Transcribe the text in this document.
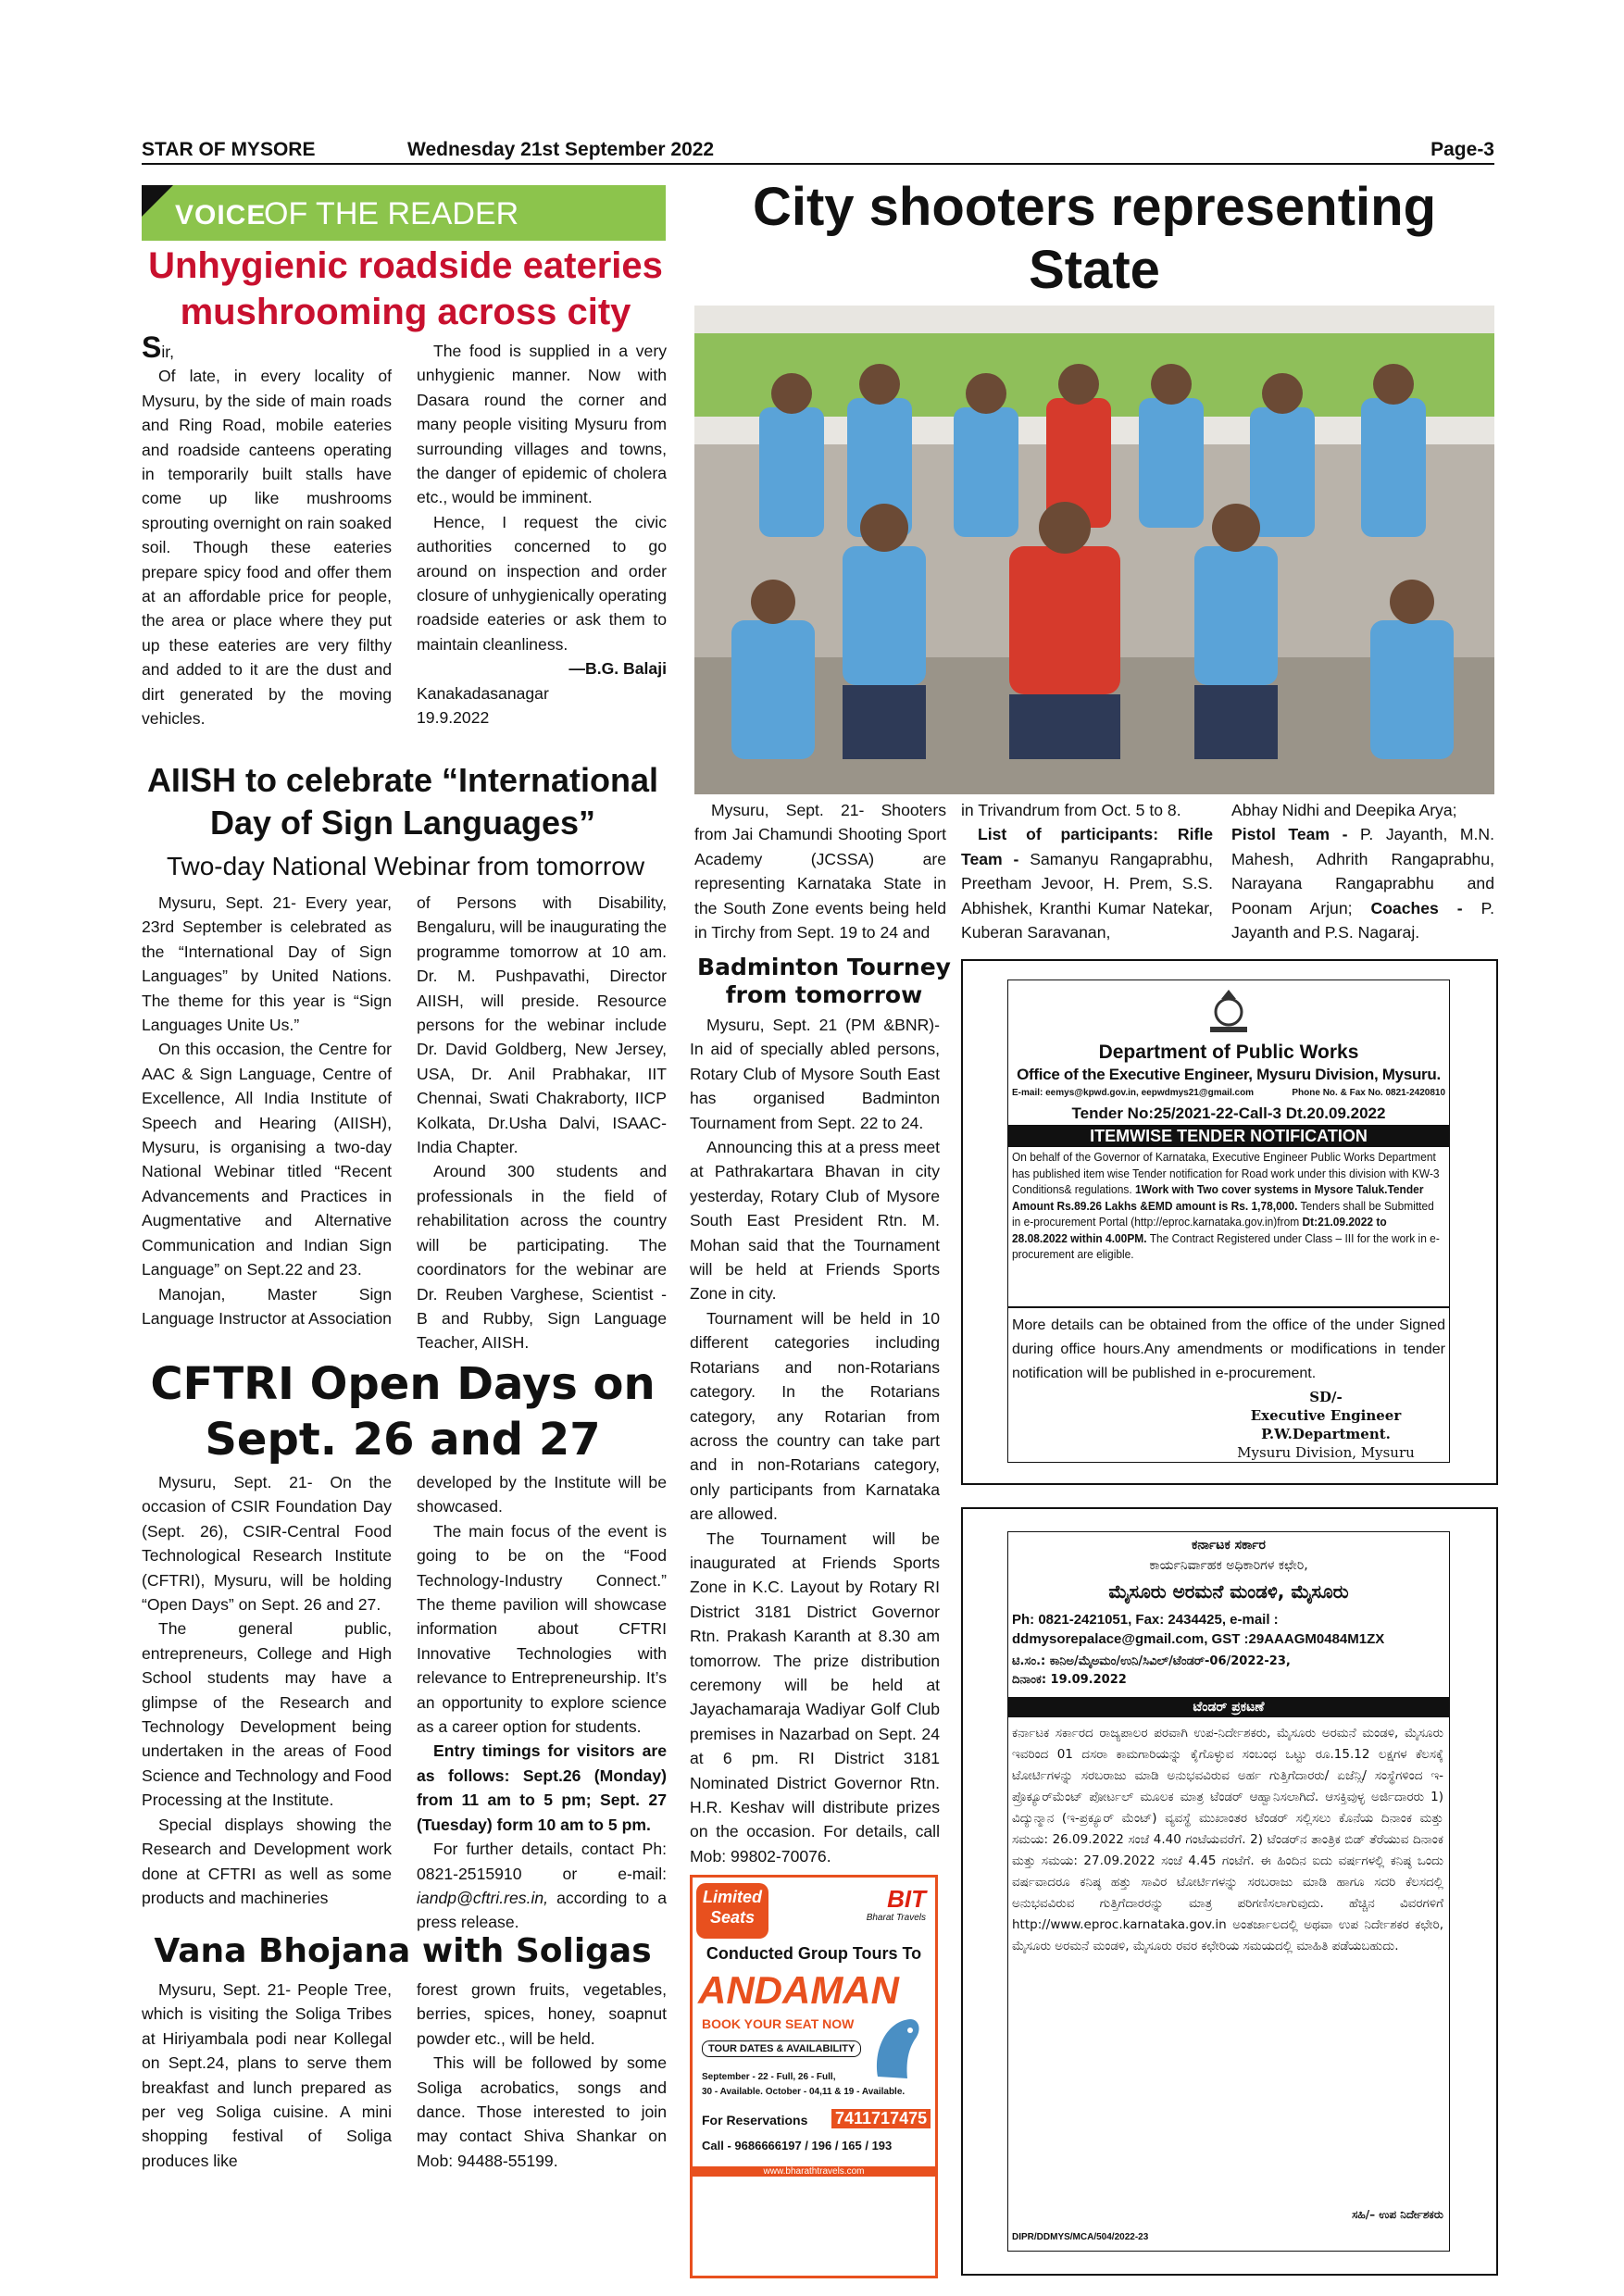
STAR OF MYSORE	Wednesday 21st September 2022	Page-3
VOICE
OF THE READER
Unhygienic roadside eateries
mushrooming across city

Sir,

Of late, in every locality of Mysuru, by the side of main roads and Ring Road, mobile eateries and roadside canteens operating in temporarily built stalls have come up like mushrooms sprouting overnight on rain soaked soil. Though these eateries prepare spicy food and offer them at an affordable price for people, the area or place where they put up these eateries are very filthy and added to it are the dust and dirt generated by the moving vehicles.

The food is supplied in a very unhygienic manner. Now with Dasara round the corner and many people visiting Mysuru from surrounding villages and towns, the danger of epidemic of cholera etc., would be imminent.

Hence, I request the civic authorities concerned to go around on inspection and order closure of unhygienically operating roadside eateries or ask them to maintain cleanliness.

—B.G. Balaji
Kanakadasanagar
19.9.2022
City shooters representing State

Mysuru, Sept. 21- Shooters from Jai Chamundi Shooting Sport Academy (JCSSA) are representing Karnataka State in the South Zone events being held in Tirchy from Sept. 19 to 24 and

in Trivandrum from Oct. 5 to 8.

List of participants: Rifle Team - Samanyu Rangaprabhu, Preetham Jevoor, H. Prem, S.S. Abhishek, Kranthi Kumar Natekar, Kuberan Saravanan,

Abhay Nidhi and Deepika Arya;

Pistol Team - P. Jayanth, M.N. Mahesh, Adhrith Rangaprabhu, Narayana Rangaprabhu and Poonam Arjun; Coaches - P. Jayanth and P.S. Nagaraj.

AIISH to celebrate “International
Day of Sign Languages”
Two-day National Webinar from tomorrow

Mysuru, Sept. 21- Every year, 23rd September is celebrated as the “International Day of Sign Languages” by United Nations. The theme for this year is “Sign Languages Unite Us.”

On this occasion, the Centre for AAC & Sign Language, Centre of Excellence, All India Institute of Speech and Hearing (AIISH), Mysuru, is organising a two-day National Webinar titled “Recent Advancements and Practices in Augmentative and Alternative Communication and Indian Sign Language” on Sept.22 and 23.

Manojan, Master Sign Language Instructor at Association

of Persons with Disability, Bengaluru, will be inaugurating the programme tomorrow at 10 am. Dr. M. Pushpavathi, Director AIISH, will preside. Resource persons for the webinar include Dr. David Goldberg, New Jersey, USA, Dr. Anil Prabhakar, IIT Chennai, Swati Chakraborty, IICP Kolkata, Dr.Usha Dalvi, ISAAC-India Chapter.

Around 300 students and professionals in the field of rehabilitation across the country will be participating. The coordinators for the webinar are Dr. Reuben Varghese, Scientist - B and Rubby, Sign Language Teacher, AIISH.

CFTRI Open Days on
Sept. 26 and 27

Mysuru, Sept. 21- On the occasion of CSIR Foundation Day (Sept. 26), CSIR-Central Food Technological Research Institute (CFTRI), Mysuru, will be holding “Open Days” on Sept. 26 and 27.

The general public, entrepreneurs, College and High School students may have a glimpse of the Research and Technology Development being undertaken in the areas of Food Science and Technology and Food Processing at the Institute.

Special displays showing the Research and Development work done at CFTRI as well as some products and machineries

developed by the Institute will be showcased.

The main focus of the event is going to be on the “Food Technology-Industry Connect.” The theme pavilion will showcase information about CFTRI Innovative Technologies with relevance to Entrepreneurship. It’s an opportunity to explore science as a career option for students.

Entry timings for visitors are as follows: Sept.26 (Monday) from 11 am to 5 pm; Sept. 27 (Tuesday) form 10 am to 5 pm.

For further details, contact Ph: 0821-2515910 or e-mail: iandp@cftri.res.in, according to a press release.

Vana Bhojana with Soligas

Mysuru, Sept. 21- People Tree, which is visiting the Soliga Tribes at Hiriyambala podi near Kollegal on Sept.24, plans to serve them breakfast and lunch prepared as per veg Soliga cuisine. A mini shopping festival of Soliga produces like

forest grown fruits, vegetables, berries, spices, honey, soapnut powder etc., will be held.

This will be followed by some Soliga acrobatics, songs and dance. Those interested to join may contact Shiva Shankar on Mob: 94488-55199.

Badminton Tourney
from tomorrow

Mysuru, Sept. 21 (PM &BNR)- In aid of specially abled persons, Rotary Club of Mysore South East has organised Badminton Tournament from Sept. 22 to 24.

Announcing this at a press meet at Pathrakartara Bhavan in city yesterday, Rotary Club of Mysore South East President Rtn. M. Mohan said that the Tournament will be held at Friends Sports Zone in city.

Tournament will be held in 10 different categories including Rotarians and non-Rotarians category. In the Rotarians category, any Rotarian from across the country can take part and in non-Rotarians category, only participants from Karnataka are allowed.

The Tournament will be inaugurated at Friends Sports Zone in K.C. Layout by Rotary RI District 3181 District Governor Rtn. Prakash Karanth at 8.30 am tomorrow. The prize distribution ceremony will be held at Jayachamaraja Wadiyar Golf Club premises in Nazarbad on Sept. 24 at 6 pm. RI District 3181 Nominated District Governor Rtn. H.R. Keshav will distribute prizes on the occasion. For details, call Mob: 99802-70076.

Limited
Seats
BIT
Bharat Travels
Conducted Group Tours To
ANDAMAN
BOOK YOUR SEAT NOW
TOUR DATES & AVAILABILITY
September - 22 - Full, 26 - Full,
30 - Available. October - 04,11 & 19 - Available.
For Reservations 7411717475
Call - 9686666197 / 196 / 165 / 193
www.bharathtravels.com
Department of Public Works
Office of the Executive Engineer, Mysuru Division, Mysuru.
E-mail: eemys@kpwd.gov.in, eepwdmys21@gmail.com	Phone No. & Fax No. 0821-2420810
Tender No:25/2021-22-Call-3 Dt.20.09.2022
ITEMWISE TENDER NOTIFICATION
On behalf of the Governor of Karnataka, Executive Engineer Public Works Department has published item wise Tender notification for Road work under this division with KW-3 Conditions& regulations. 1Work with Two cover systems in Mysore Taluk.Tender Amount Rs.89.26 Lakhs &EMD amount is Rs. 1,78,000. Tenders shall be Submitted in e-procurement Portal (http://eproc.karnataka.gov.in)from Dt:21.09.2022 to 28.08.2022 within 4.00PM. The Contract Registered under Class – III for the work in e-procurement are eligible.
More details can be obtained from the office of the under Signed during office hours.Any amendments or modifications in tender notification will be published in e-procurement.
SD/-
Executive Engineer
P.W.Department.
Mysuru Division, Mysuru
ಕರ್ನಾಟಕ ಸರ್ಕಾರ
ಕಾರ್ಯನಿರ್ವಾಹಕ ಅಧಿಕಾರಿಗಳ ಕಛೇರಿ,
ಮೈಸೂರು ಅರಮನೆ ಮಂಡಳಿ, ಮೈಸೂರು
Ph: 0821-2421051, Fax: 2434425, e-mail : ddmysorepalace@gmail.com, GST :29AAAGM0484M1ZX
ಟಿ.ಸಂ.: ಕಾನಿಅ/ಮೈಅಮಂ/ಉನಿ/ಸಿವಿಲ್/ಟೆಂಡರ್-06/2022-23,
ದಿನಾಂಕ: 19.09.2022
ಟೆಂಡರ್ ಪ್ರಕಟಣೆ
ಕರ್ನಾಟಕ ಸರ್ಕಾರದ ರಾಜ್ಯಪಾಲರ ಪರವಾಗಿ ಉಪ-ನಿರ್ದೇಶಕರು, ಮೈಸೂರು ಅರಮನೆ ಮಂಡಳಿ, ಮೈಸೂರು ಇವರಿಂದ 01 ದಸರಾ ಕಾಮಗಾರಿಯನ್ನು ಕೈಗೊಳ್ಳುವ ಸಂಬಂಧ ಒಟ್ಟು ರೂ.15.12 ಲಕ್ಷಗಳ ಕೆಲಸಕ್ಕೆ ಟೋರ್ಟಿಗಳನ್ನು ಸರಬರಾಜು ಮಾಡಿ ಅನುಭವವಿರುವ ಅರ್ಹ ಗುತ್ತಿಗೆದಾರರು/ ಏಜೆನ್ಸಿ/ ಸಂಸ್ಥೆಗಳಿಂದ ಇ-ಪ್ರೊಕ್ಯೂರ್‌ಮೆಂಟ್ ಪೋರ್ಟಲ್ ಮೂಲಕ ಮಾತ್ರ ಟೆಂಡರ್ ಆಹ್ವಾನಿಸಲಾಗಿದೆ. ಆಸಕ್ತಿವುಳ್ಳ ಅರ್ಜಿದಾರರು 1) ವಿದ್ಯುನ್ಮಾನ (ಇ-ಪ್ರಕ್ಯೂರ್ ಮೆಂಟ್) ವ್ಯವಸ್ಥೆ ಮುಖಾಂತರ ಟೆಂಡರ್ ಸಲ್ಲಿಸಲು ಕೊನೆಯ ದಿನಾಂಕ ಮತ್ತು ಸಮಯ: 26.09.2022 ಸಂಜೆ 4.40 ಗಂಟೆಯವರೆಗೆ. 2) ಟೆಂಡರ್‌ನ ತಾಂತ್ರಿಕ ಬಿಡ್ ತೆರೆಯುವ ದಿನಾಂಕ ಮತ್ತು ಸಮಯ: 27.09.2022 ಸಂಜೆ 4.45 ಗಂಟೆಗೆ. ಈ ಹಿಂದಿನ ಐದು ವರ್ಷಗಳಲ್ಲಿ ಕನಿಷ್ಠ ಒಂದು ವರ್ಷವಾದರೂ ಕನಿಷ್ಠ ಹತ್ತು ಸಾವಿರ ಟೋರ್ಟಿಗಳನ್ನು ಸರಬರಾಜು ಮಾಡಿ ಹಾಗೂ ಸದರಿ ಕೆಲಸದಲ್ಲಿ ಅನುಭವವಿರುವ ಗುತ್ತಿಗೆದಾರರನ್ನು ಮಾತ್ರ ಪರಿಗಣಿಸಲಾಗುವುದು. ಹೆಚ್ಚಿನ ವಿವರಗಳಿಗೆ http://www.eproc.karnataka.gov.in ಅಂತರ್ಜಾಲದಲ್ಲಿ ಅಥವಾ ಉಪ ನಿರ್ದೇಶಕರ ಕಛೇರಿ, ಮೈಸೂರು ಅರಮನೆ ಮಂಡಳಿ, ಮೈಸೂರು ರವರ ಕಛೇರಿಯ ಸಮಯದಲ್ಲಿ ಮಾಹಿತಿ ಪಡೆಯಬಹುದು.
ಸಹಿ/– ಉಪ ನಿರ್ದೇಶಕರು
DIPR/DDMYS/MCA/504/2022-23
